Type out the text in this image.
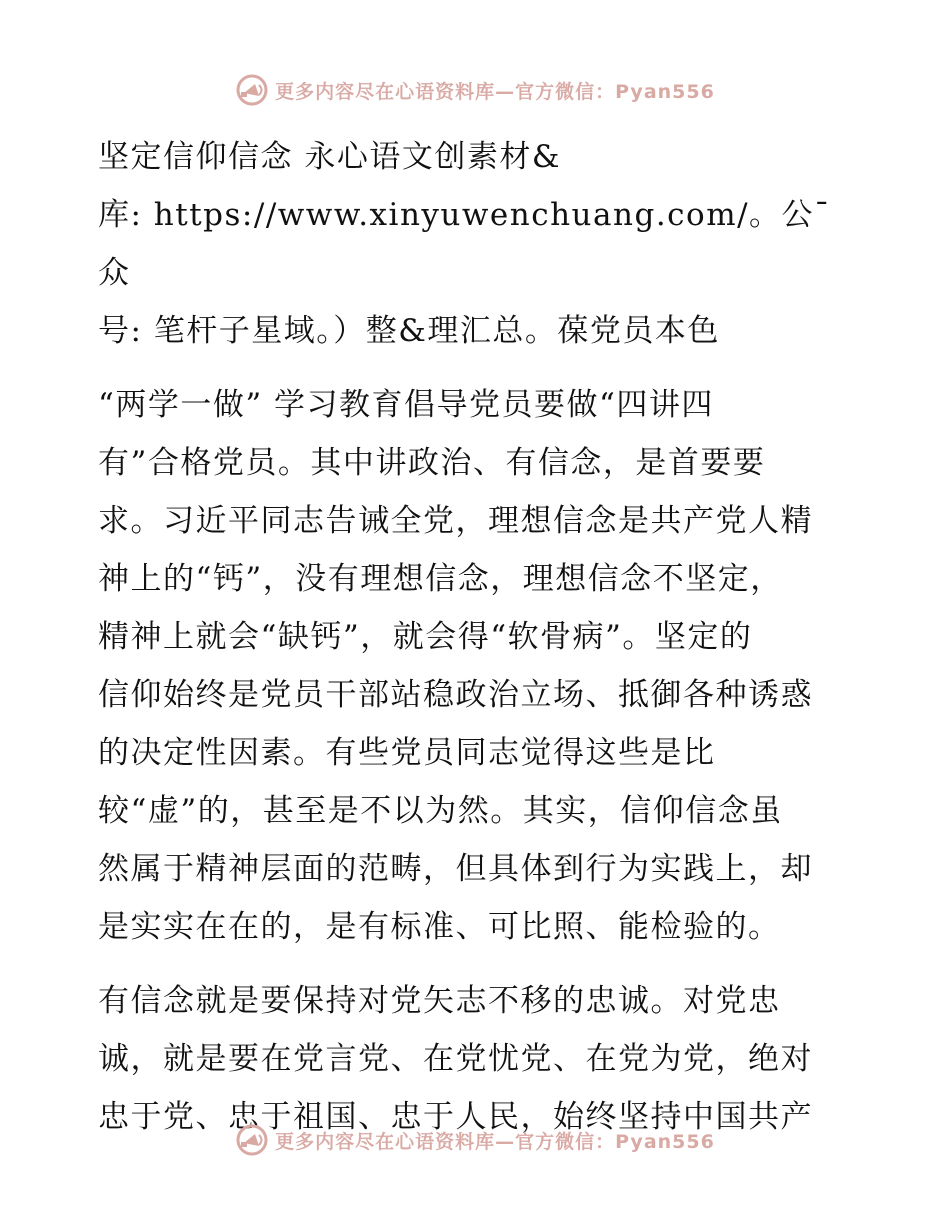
更多内容尽在心语资料库—官方微信：Pyan556
坚定信仰信念 永心语文创素材&
库: https://www.xinyuwenchuang.com/。公¯众
号: 笔杆子星域。）整&理汇总。葆党员本色
“两学一做” 学习教育倡导党员要做“四讲四
有”合格党员。其中讲政治、有信念，是首要要
求。习近平同志告诫全党，理想信念是共产党人精
神上的“钙”，没有理想信念，理想信念不坚定，
精神上就会“缺钙”，就会得“软骨病”。坚定的
信仰始终是党员干部站稳政治立场、抵御各种诱惑
的决定性因素。有些党员同志觉得这些是比
较“虚”的，甚至是不以为然。其实，信仰信念虽
然属于精神层面的范畴，但具体到行为实践上，却
是实实在在的，是有标准、可比照、能检验的。
有信念就是要保持对党矢志不移的忠诚。对党忠
诚，就是要在党言党、在党忧党、在党为党，绝对
忠于党、忠于祖国、忠于人民，始终坚持中国共产
更多内容尽在心语资料库—官方微信：Pyan556
